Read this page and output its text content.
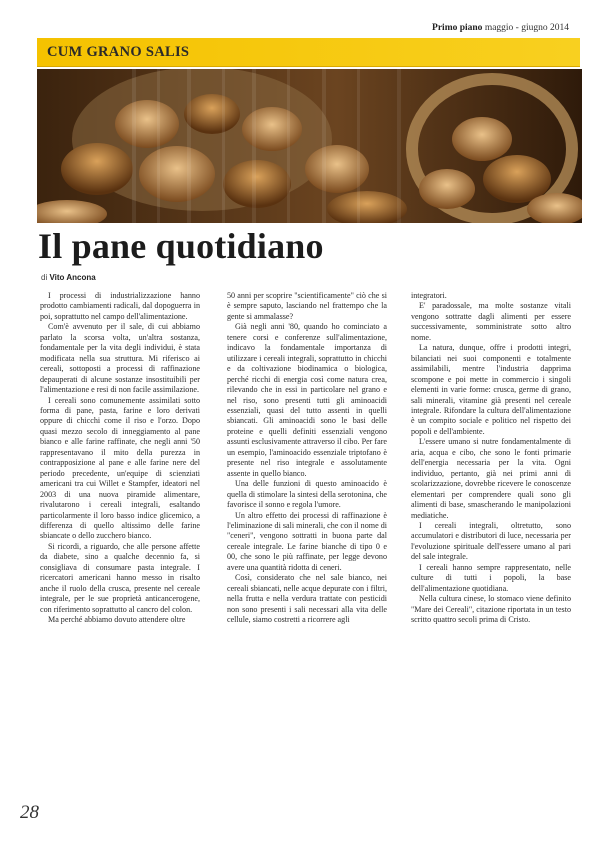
Primo piano maggio - giugno 2014
CUM GRANO SALIS
Il pane quotidiano
di Vito Ancona

I processi di industrializzazione hanno prodotto cambiamenti radicali, dal dopoguerra in poi, soprattutto nel campo dell'alimentazione.

Com'è avvenuto per il sale, di cui abbiamo parlato la scorsa volta, un'altra sostanza, fondamentale per la vita degli individui, è stata modificata nella sua struttura. Mi riferisco ai cereali, sottoposti a processi di raffinazione depauperati di alcune sostanze insostituibili per l'alimentazione e resi di non facile assimilazione.

I cereali sono comunemente assimilati sotto forma di pane, pasta, farine e loro derivati oppure di chicchi come il riso e l'orzo. Dopo quasi mezzo secolo di inneggiamento al pane bianco e alle farine raffinate, che negli anni '50 rappresentavano il mito della purezza in contrapposizione al pane e alle farine nere del periodo precedente, un'equipe di scienziati americani tra cui Willet e Stampfer, ideatori nel 2003 di una nuova piramide alimentare, rivalutarono i cereali integrali, esaltando particolarmente il loro basso indice glicemico, a differenza di quello altissimo delle farine sbiancate o dello zucchero bianco.

Si ricordi, a riguardo, che alle persone affette da diabete, sino a qualche decennio fa, si consigliava di consumare pasta integrale. I ricercatori americani hanno messo in risalto anche il ruolo della crusca, presente nel cereale integrale, per le sue proprietà anticancerogene, con riferimento soprattutto al cancro del colon.

Ma perché abbiamo dovuto attendere oltre

50 anni per scoprire "scientificamente" ciò che si è sempre saputo, lasciando nel frattempo che la gente si ammalasse?

Già negli anni '80, quando ho cominciato a tenere corsi e conferenze sull'alimentazione, indicavo la fondamentale importanza di utilizzare i cereali integrali, soprattutto in chicchi e da coltivazione biodinamica o biologica, perché ricchi di energia così come natura crea, rilevando che in essi in particolare nel grano e nel riso, sono presenti tutti gli aminoacidi essenziali, quasi del tutto assenti in quelli sbiancati. Gli aminoacidi sono le basi delle proteine e quelli definiti essenziali vengono assunti esclusivamente attraverso il cibo. Per fare un esempio, l'aminoacido essenziale triptofano è presente nel riso integrale e assolutamente assente in quello bianco.

Una delle funzioni di questo aminoacido è quella di stimolare la sintesi della serotonina, che favorisce il sonno e regola l'umore.

Un altro effetto dei processi di raffinazione è l'eliminazione di sali minerali, che con il nome di "ceneri", vengono sottratti in buona parte dal cereale integrale. Le farine bianche di tipo 0 e 00, che sono le più raffinate, per legge devono avere una quantità ridotta di ceneri.

Così, considerato che nel sale bianco, nei cereali sbiancati, nelle acque depurate con i filtri, nella frutta e nella verdura trattate con pesticidi non sono presenti i sali necessari alla vita delle cellule, siamo costretti a ricorrere agli

integratori.

E' paradossale, ma molte sostanze vitali vengono sottratte dagli alimenti per essere successivamente, somministrate sotto altro nome.

La natura, dunque, offre i prodotti integri, bilanciati nei suoi componenti e totalmente assimilabili, mentre l'industria dapprima scompone e poi mette in commercio i singoli elementi in varie forme: crusca, germe di grano, sali minerali, vitamine già presenti nel cereale integrale. Rifondare la cultura dell'alimentazione è un compito sociale e politico nel rispetto dei popoli e dell'ambiente.

L'essere umano si nutre fondamentalmente di aria, acqua e cibo, che sono le fonti primarie dell'energia necessaria per la vita. Ogni individuo, pertanto, già nei primi anni di scolarizzazione, dovrebbe ricevere le conoscenze elementari per comprendere quali sono gli alimenti di base, smascherando le manipolazioni mediatiche.

I cereali integrali, oltretutto, sono accumulatori e distributori di luce, necessaria per l'evoluzione spirituale dell'essere umano al pari del sale integrale.

I cereali hanno sempre rappresentato, nelle culture di tutti i popoli, la base dell'alimentazione quotidiana.

Nella cultura cinese, lo stomaco viene definito "Mare dei Cereali", citazione riportata in un testo scritto quattro secoli prima di Cristo.

28
